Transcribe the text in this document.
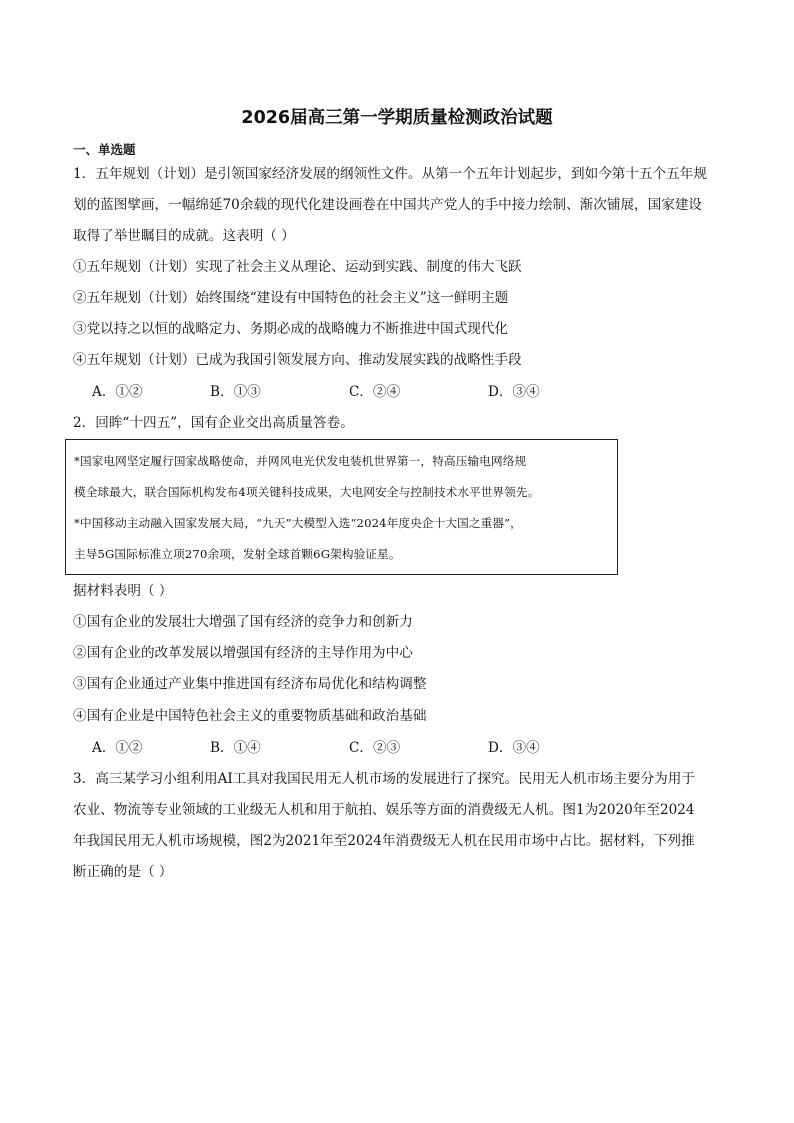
2026届高三第一学期质量检测政治试题
一、单选题
1．五年规划（计划）是引领国家经济发展的纲领性文件。从第一个五年计划起步，到如今第十五个五年规
划的蓝图擘画，一幅绵延70余载的现代化建设画卷在中国共产党人的手中接力绘制、渐次铺展，国家建设
取得了举世瞩目的成就。这表明（ ）
①五年规划（计划）实现了社会主义从理论、运动到实践、制度的伟大飞跃
②五年规划（计划）始终围绕“建设有中国特色的社会主义”这一鲜明主题
③党以持之以恒的战略定力、务期必成的战略魄力不断推进中国式现代化
④五年规划（计划）已成为我国引领发展方向、推动发展实践的战略性手段
A．①②	B．①③	C．②④	D．③④
2．回眸“十四五”，国有企业交出高质量答卷。
*国家电网坚定履行国家战略使命，并网风电光伏发电装机世界第一，特高压输电网络规
模全球最大，联合国际机构发布4项关键科技成果，大电网安全与控制技术水平世界领先。
*中国移动主动融入国家发展大局，“九天”大模型入选“2024年度央企十大国之重器”，
主导5G国际标准立项270余项，发射全球首颗6G架构验证星。
据材料表明（ ）
①国有企业的发展壮大增强了国有经济的竞争力和创新力
②国有企业的改革发展以增强国有经济的主导作用为中心
③国有企业通过产业集中推进国有经济布局优化和结构调整
④国有企业是中国特色社会主义的重要物质基础和政治基础
A．①②	B．①④	C．②③	D．③④
3．高三某学习小组利用AI工具对我国民用无人机市场的发展进行了探究。民用无人机市场主要分为用于
农业、物流等专业领域的工业级无人机和用于航拍、娱乐等方面的消费级无人机。图1为2020年至2024
年我国民用无人机市场规模，图2为2021年至2024年消费级无人机在民用市场中占比。据材料，下列推
断正确的是（ ）
